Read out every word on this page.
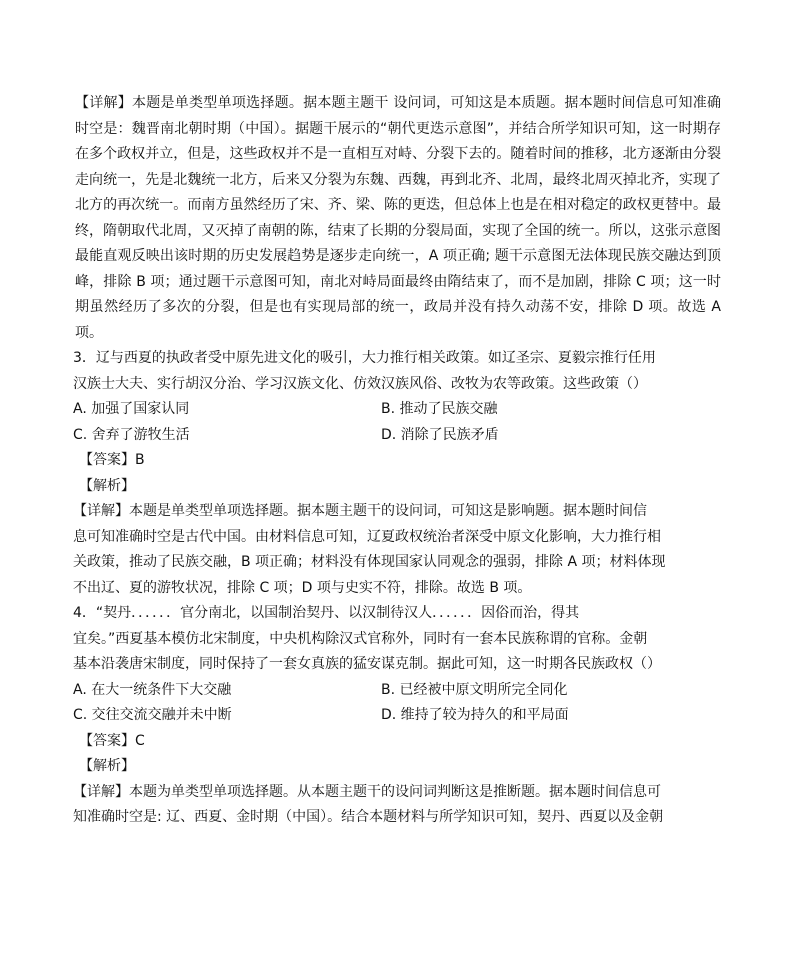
【详解】本题是单类型单项选择题。据本题主题干 设问词，可知这是本质题。据本题时间信息可知准确时空是：魏晋南北朝时期（中国）。据题干展示的“朝代更迭示意图”，并结合所学知识可知，这一时期存在多个政权并立，但是，这些政权并不是一直相互对峙、分裂下去的。随着时间的推移，北方逐渐由分裂走向统一，先是北魏统一北方，后来又分裂为东魏、西魏，再到北齐、北周，最终北周灭掉北齐，实现了北方的再次统一。而南方虽然经历了宋、齐、梁、陈的更迭，但总体上也是在相对稳定的政权更替中。最终，隋朝取代北周，又灭掉了南朝的陈，结束了长期的分裂局面，实现了全国的统一。所以，这张示意图最能直观反映出该时期的历史发展趋势是逐步走向统一，A 项正确; 题干示意图无法体现民族交融达到顶峰，排除 B 项；通过题干示意图可知，南北对峙局面最终由隋结束了，而不是加剧，排除 C 项；这一时期虽然经历了多次的分裂，但是也有实现局部的统一，政局并没有持久动荡不安，排除 D 项。故选 A 项。

3．辽与西夏的执政者受中原先进文化的吸引，大力推行相关政策。如辽圣宗、夏毅宗推行任用

汉族士大夫、实行胡汉分治、学习汉族文化、仿效汉族风俗、改牧为农等政策。这些政策（）

A. 加强了国家认同	B. 推动了民族交融
C. 舍弃了游牧生活	D. 消除了民族矛盾

【答案】B

【解析】

【详解】本题是单类型单项选择题。据本题主题干的设问词，可知这是影响题。据本题时间信

息可知准确时空是古代中国。由材料信息可知，辽夏政权统治者深受中原文化影响，大力推行相

关政策，推动了民族交融，B 项正确；材料没有体现国家认同观念的强弱，排除 A 项；材料体现

不出辽、夏的游牧状况，排除 C 项；D 项与史实不符，排除。故选 B 项。

4．“契丹．．．．．．官分南北，以国制治契丹、以汉制待汉人．．．．．．因俗而治，得其

宜矣。”西夏基本模仿北宋制度，中央机构除汉式官称外，同时有一套本民族称谓的官称。金朝

基本沿袭唐宋制度，同时保持了一套女真族的猛安谋克制。据此可知，这一时期各民族政权（）

A. 在大一统条件下大交融	B. 已经被中原文明所完全同化
C. 交往交流交融并未中断	D. 维持了较为持久的和平局面

【答案】C

【解析】

【详解】本题为单类型单项选择题。从本题主题干的设问词判断这是推断题。据本题时间信息可

知准确时空是: 辽、西夏、金时期（中国）。结合本题材料与所学知识可知，契丹、西夏以及金朝
